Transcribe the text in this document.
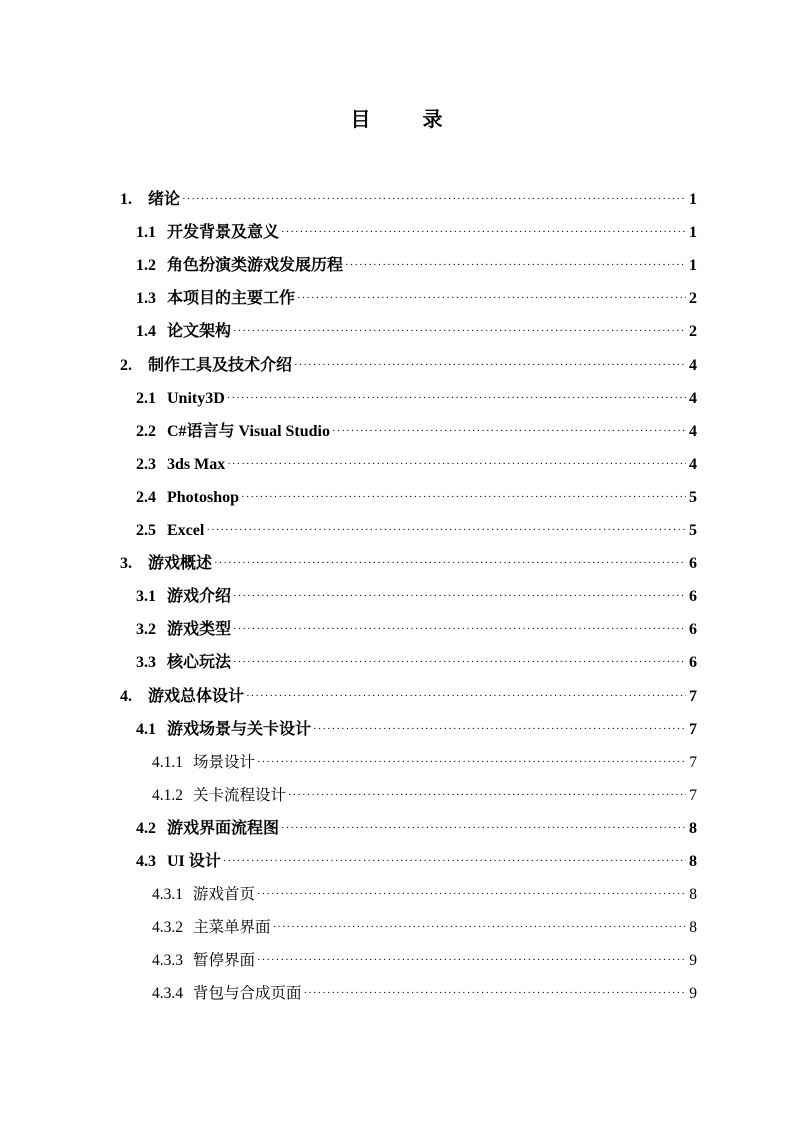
目　录
1.	绪论 ·····	1
1.1 开发背景及意义 ·····	1
1.2 角色扮演类游戏发展历程 ·····	1
1.3 本项目的主要工作 ·····	2
1.4 论文架构 ·····	2
2.	制作工具及技术介绍 ·····	4
2.1 Unity3D ·····	4
2.2 C#语言与 Visual Studio ·····	4
2.3 3ds Max ·····	4
2.4 Photoshop ·····	5
2.5 Excel ·····	5
3.	游戏概述 ·····	6
3.1 游戏介绍 ·····	6
3.2 游戏类型 ·····	6
3.3 核心玩法 ·····	6
4.	游戏总体设计 ·····	7
4.1 游戏场景与关卡设计 ·····	7
4.1.1 场景设计 ·····	7
4.1.2 关卡流程设计 ·····	7
4.2 游戏界面流程图 ·····	8
4.3 UI 设计 ·····	8
4.3.1 游戏首页 ·····	8
4.3.2 主菜单界面 ·····	8
4.3.3 暂停界面 ·····	9
4.3.4 背包与合成页面 ·····	9
